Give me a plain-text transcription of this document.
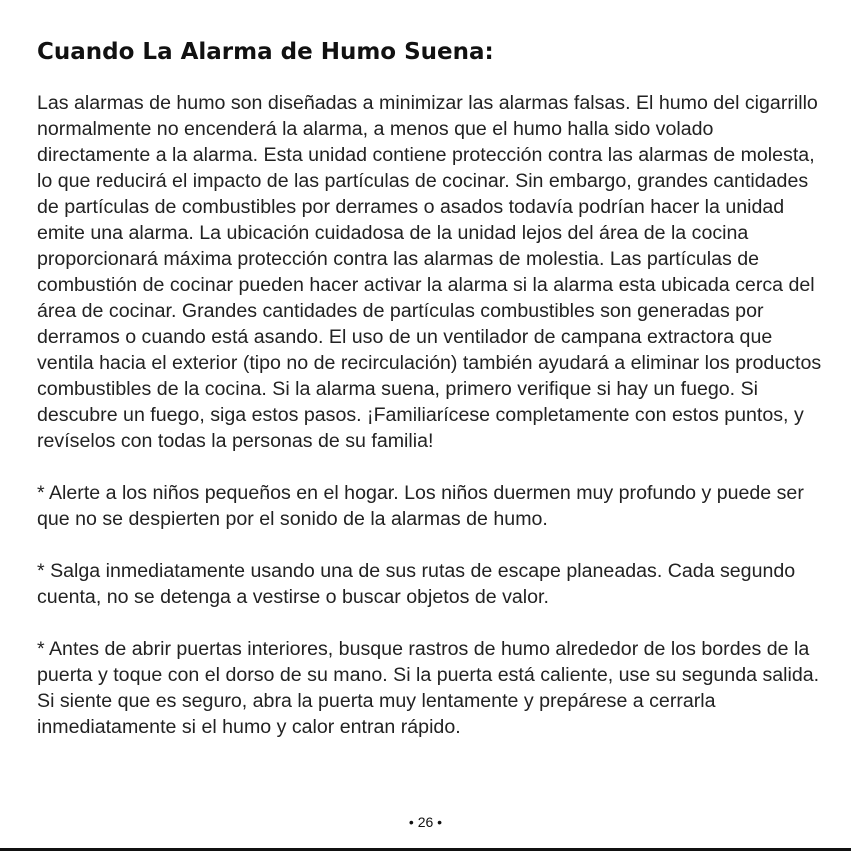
Cuando La Alarma de Humo Suena:

Las alarmas de humo son diseñadas a minimizar las alarmas falsas. El humo del cigarrillo normalmente no encenderá la alarma, a menos que el humo halla sido volado directamente a la alarma. Esta unidad contiene protección contra las alarmas de molesta, lo que reducirá el impacto de las partículas de cocinar. Sin embargo, grandes cantidades de partículas de combustibles por derrames o asados todavía podrían hacer la unidad emite una alarma. La ubicación cuidadosa de la unidad lejos del área de la cocina proporcionará máxima protección contra las alarmas de molestia. Las partículas de combustión de cocinar pueden hacer activar la alarma si la alarma esta ubicada cerca del área de cocinar. Grandes cantidades de partículas combustibles son generadas por derramos o cuando está asando. El uso de un ventilador de campana extractora que ventila hacia el exterior (tipo no de recirculación) también ayudará a eliminar los productos combustibles de la cocina. Si la alarma suena, primero verifique si hay un fuego. Si descubre un fuego, siga estos pasos. ¡Familiarícese completamente con estos puntos, y revíselos con todas la personas de su familia!

* Alerte a los niños pequeños en el hogar. Los niños duermen muy profundo y puede ser que no se despierten por el sonido de la alarmas de humo.

* Salga inmediatamente usando una de sus rutas de escape planeadas. Cada segundo cuenta, no se detenga a vestirse o buscar objetos de valor.

* Antes de abrir puertas interiores, busque rastros de humo alrededor de los bordes de la puerta y toque con el dorso de su mano. Si la puerta está caliente, use su segunda salida. Si siente que es seguro, abra la puerta muy lentamente y prepárese a cerrarla inmediatamente si el humo y calor entran rápido.

• 26 •
